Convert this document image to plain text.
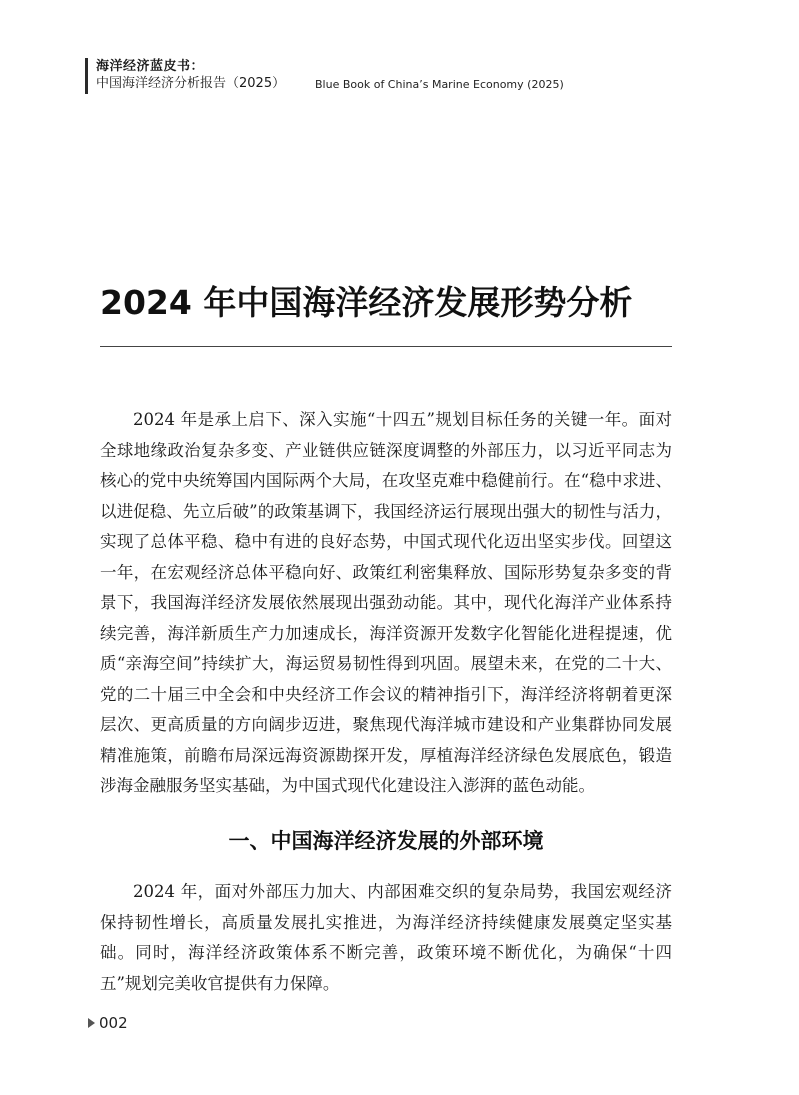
海洋经济蓝皮书：
中国海洋经济分析报告（2025）	Blue Book of China’s Marine Economy (2025)
2024 年中国海洋经济发展形势分析

2024 年是承上启下、深入实施“十四五”规划目标任务的关键一年。面对全球地缘政治复杂多变、产业链供应链深度调整的外部压力，以习近平同志为核心的党中央统筹国内国际两个大局，在攻坚克难中稳健前行。在“稳中求进、以进促稳、先立后破”的政策基调下，我国经济运行展现出强大的韧性与活力，实现了总体平稳、稳中有进的良好态势，中国式现代化迈出坚实步伐。回望这一年，在宏观经济总体平稳向好、政策红利密集释放、国际形势复杂多变的背景下，我国海洋经济发展依然展现出强劲动能。其中，现代化海洋产业体系持续完善，海洋新质生产力加速成长，海洋资源开发数字化智能化进程提速，优质“亲海空间”持续扩大，海运贸易韧性得到巩固。展望未来，在党的二十大、党的二十届三中全会和中央经济工作会议的精神指引下，海洋经济将朝着更深层次、更高质量的方向阔步迈进，聚焦现代海洋城市建设和产业集群协同发展精准施策，前瞻布局深远海资源勘探开发，厚植海洋经济绿色发展底色，锻造涉海金融服务坚实基础，为中国式现代化建设注入澎湃的蓝色动能。

一、中国海洋经济发展的外部环境

2024 年，面对外部压力加大、内部困难交织的复杂局势，我国宏观经济保持韧性增长，高质量发展扎实推进，为海洋经济持续健康发展奠定坚实基础。同时，海洋经济政策体系不断完善，政策环境不断优化，为确保“十四五”规划完美收官提供有力保障。

002
